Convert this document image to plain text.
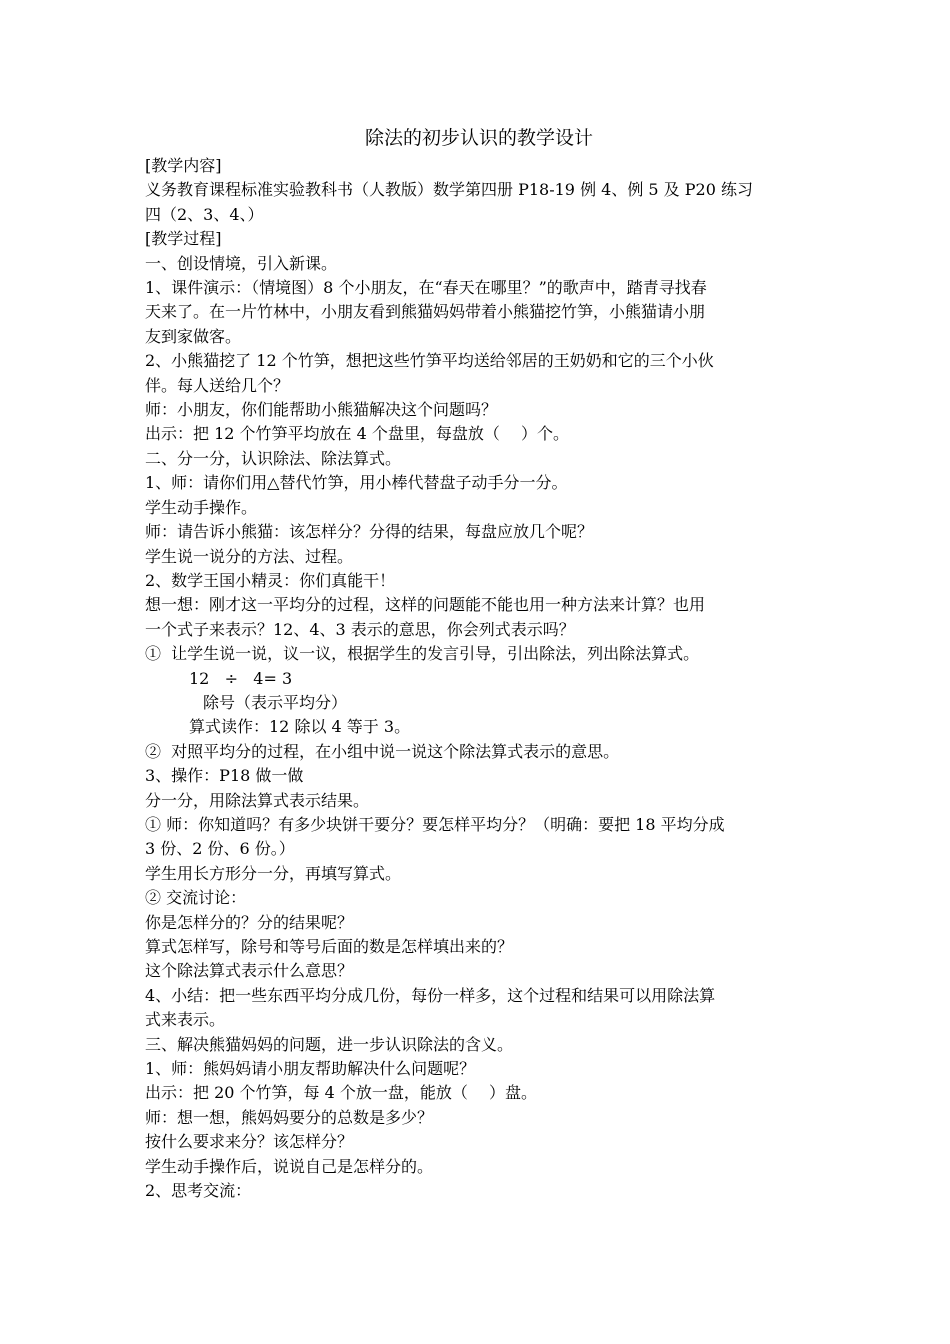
除法的初步认识的教学设计

[教学内容]

义务教育课程标准实验教科书（人教版）数学第四册 P18-19 例 4、例 5 及 P20 练习

四（2、3、4、）

[教学过程]

一、创设情境，引入新课。

1、课件演示：（情境图）8 个小朋友，在“春天在哪里？”的歌声中，踏青寻找春

天来了。在一片竹林中，小朋友看到熊猫妈妈带着小熊猫挖竹笋，小熊猫请小朋

友到家做客。

2、小熊猫挖了 12 个竹笋，想把这些竹笋平均送给邻居的王奶奶和它的三个小伙

伴。每人送给几个？

师：小朋友，你们能帮助小熊猫解决这个问题吗？

出示：把 12 个竹笋平均放在 4 个盘里，每盘放（　 ）个。

二、分一分，认识除法、除法算式。

1、师：请你们用△替代竹笋，用小棒代替盘子动手分一分。

学生动手操作。

师：请告诉小熊猫：该怎样分？分得的结果，每盘应放几个呢？

学生说一说分的方法、过程。

2、数学王国小精灵：你们真能干！

想一想：刚才这一平均分的过程，这样的问题能不能也用一种方法来计算？也用

一个式子来表示？12、4、3 表示的意思，你会列式表示吗？

①  让学生说一说，议一议，根据学生的发言引导，引出除法，列出除法算式。

12   ÷   4= 3

除号（表示平均分）

算式读作：12 除以 4 等于 3。

②  对照平均分的过程，在小组中说一说这个除法算式表示的意思。

3、操作：P18 做一做

分一分，用除法算式表示结果。

① 师：你知道吗？有多少块饼干要分？要怎样平均分？（明确：要把 18 平均分成

3 份、2 份、6 份。）

学生用长方形分一分，再填写算式。

② 交流讨论：

你是怎样分的？分的结果呢？

算式怎样写，除号和等号后面的数是怎样填出来的？

这个除法算式表示什么意思？

4、小结：把一些东西平均分成几份，每份一样多，这个过程和结果可以用除法算

式来表示。

三、解决熊猫妈妈的问题，进一步认识除法的含义。

1、师：熊妈妈请小朋友帮助解决什么问题呢？

出示：把 20 个竹笋，每 4 个放一盘，能放（　 ）盘。

师：想一想，熊妈妈要分的总数是多少？

按什么要求来分？该怎样分？

学生动手操作后，说说自己是怎样分的。

2、思考交流：
